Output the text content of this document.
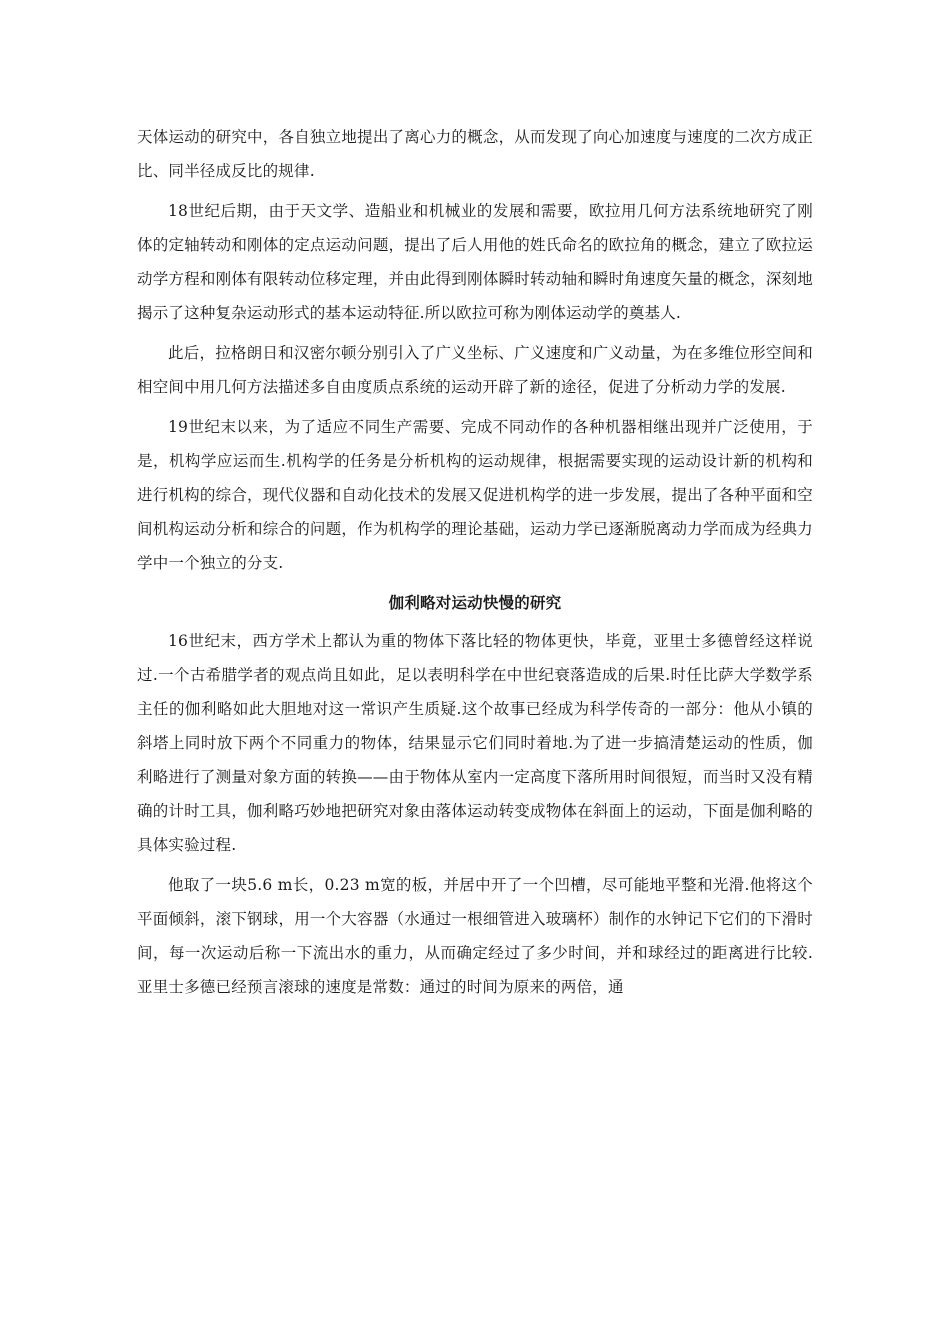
天体运动的研究中，各自独立地提出了离心力的概念，从而发现了向心加速度与速度的二次方成正比、同半径成反比的规律.

18世纪后期，由于天文学、造船业和机械业的发展和需要，欧拉用几何方法系统地研究了刚体的定轴转动和刚体的定点运动问题，提出了后人用他的姓氏命名的欧拉角的概念，建立了欧拉运动学方程和刚体有限转动位移定理，并由此得到刚体瞬时转动轴和瞬时角速度矢量的概念，深刻地揭示了这种复杂运动形式的基本运动特征.所以欧拉可称为刚体运动学的奠基人.

此后，拉格朗日和汉密尔顿分别引入了广义坐标、广义速度和广义动量，为在多维位形空间和相空间中用几何方法描述多自由度质点系统的运动开辟了新的途径，促进了分析动力学的发展.

19世纪末以来，为了适应不同生产需要、完成不同动作的各种机器相继出现并广泛使用，于是，机构学应运而生.机构学的任务是分析机构的运动规律，根据需要实现的运动设计新的机构和进行机构的综合，现代仪器和自动化技术的发展又促进机构学的进一步发展，提出了各种平面和空间机构运动分析和综合的问题，作为机构学的理论基础，运动力学已逐渐脱离动力学而成为经典力学中一个独立的分支.

伽利略对运动快慢的研究

16世纪末，西方学术上都认为重的物体下落比轻的物体更快，毕竟，亚里士多德曾经这样说过.一个古希腊学者的观点尚且如此，足以表明科学在中世纪衰落造成的后果.时任比萨大学数学系主任的伽利略如此大胆地对这一常识产生质疑.这个故事已经成为科学传奇的一部分：他从小镇的斜塔上同时放下两个不同重力的物体，结果显示它们同时着地.为了进一步搞清楚运动的性质，伽利略进行了测量对象方面的转换——由于物体从室内一定高度下落所用时间很短，而当时又没有精确的计时工具，伽利略巧妙地把研究对象由落体运动转变成物体在斜面上的运动，下面是伽利略的具体实验过程.

他取了一块5.6 m长，0.23 m宽的板，并居中开了一个凹槽，尽可能地平整和光滑.他将这个平面倾斜，滚下钢球，用一个大容器（水通过一根细管进入玻璃杯）制作的水钟记下它们的下滑时间，每一次运动后称一下流出水的重力，从而确定经过了多少时间，并和球经过的距离进行比较.亚里士多德已经预言滚球的速度是常数：通过的时间为原来的两倍，通
